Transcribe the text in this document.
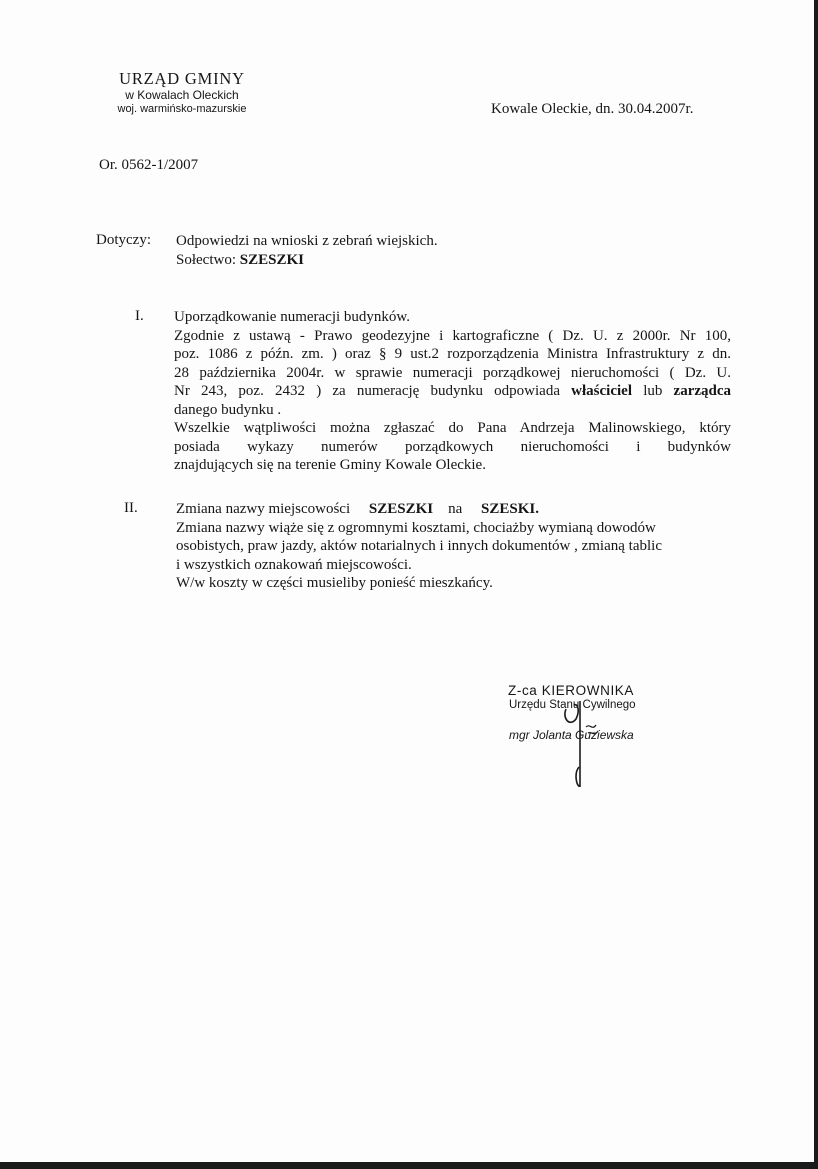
URZĄD GMINY
w Kowalach Oleckich
woj. warmińsko-mazurskie	Kowale Oleckie, dn. 30.04.2007r.
Or. 0562-1/2007
Dotyczy: Odpowiedzi na wnioski z zebrań wiejskich.
Sołectwo: SZESZKI
I. Uporządkowanie numeracji budynków.
Zgodnie z ustawą - Prawo geodezyjne i kartograficzne ( Dz. U. z 2000r. Nr 100,
poz. 1086 z późn. zm. ) oraz § 9 ust.2 rozporządzenia Ministra Infrastruktury z dn.
28 października 2004r. w sprawie numeracji porządkowej nieruchomości ( Dz. U.
Nr 243, poz. 2432 ) za numerację budynku odpowiada właściciel lub zarządca
danego budynku .
Wszelkie wątpliwości można zgłaszać do Pana Andrzeja Malinowskiego, który
posiada wykazy numerów porządkowych nieruchomości i budynków
znajdujących się na terenie Gminy Kowale Oleckie.
II.	Zmiana nazwy miejscowości SZESZKI na SZESKI.
Zmiana nazwy wiąże się z ogromnymi kosztami, chociażby wymianą dowodów
osobistych, praw jazdy, aktów notarialnych i innych dokumentów , zmianą tablic
i wszystkich oznakowań miejscowości.
W/w koszty w części musieliby ponieść mieszkańcy.
Z-ca KIEROWNIKA
Urzędu Stanu Cywilnego
mgr Jolanta Guziewska
